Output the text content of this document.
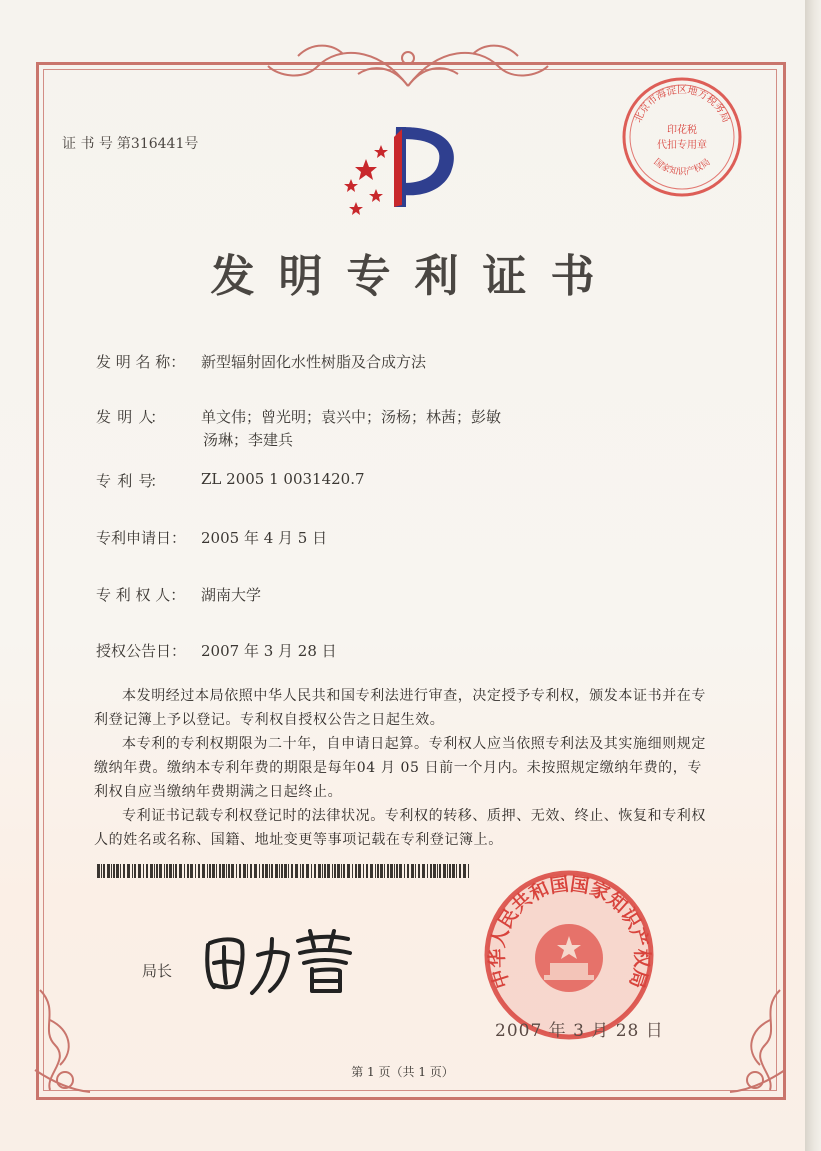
证 书 号 第316441号
北京市海淀区地方税务局
国家知识产权局
印花税
代扣专用章
发明专利证书
发 明 名 称：	新型辐射固化水性树脂及合成方法
发      明      人：	单文伟；曾光明；袁兴中；汤杨；林茜；彭敏
汤琳；李建兵
专      利      号：	ZL 2005 1 0031420.7
专利申请日： 2005 年 4 月 5 日
专 利 权 人：	湖南大学
授权公告日： 2007 年 3 月 28 日
本发明经过本局依照中华人民共和国专利法进行审查，决定授予专利权，颁发本证书并在专利登记簿上予以登记。专利权自授权公告之日起生效。
本专利的专利权期限为二十年，自申请日起算。专利权人应当依照专利法及其实施细则规定缴纳年费。缴纳本专利年费的期限是每年04 月 05 日前一个月内。未按照规定缴纳年费的，专利权自应当缴纳年费期满之日起终止。
专利证书记载专利权登记时的法律状况。专利权的转移、质押、无效、终止、恢复和专利权人的姓名或名称、国籍、地址变更等事项记载在专利登记簿上。
局长	中华人民共和国国家知识产权局
2007 年 3 月 28 日
第 1 页（共 1 页）
